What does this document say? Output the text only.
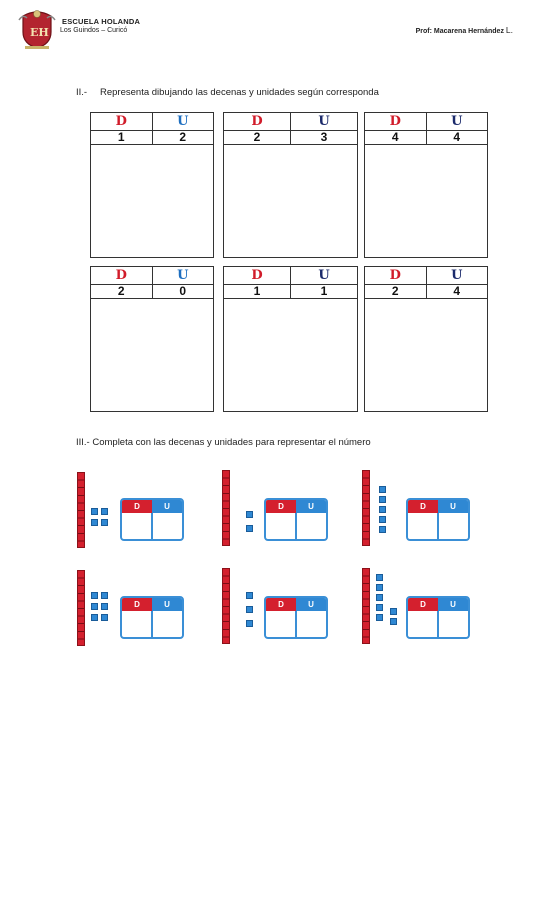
EH
ESCUELA HOLANDA
Los Guindos – Curicó	Prof: Macarena Hernández L.
II.- Representa dibujando las decenas y unidades según corresponda
D	U
1	2
D	U
2	3
D	U
4	4
D	U
2	0
D	U
1	1
D	U
2	4
III.- Completa con las decenas y unidades para representar el número
D	U	D	U	D	U
D	U	D	U	D	U
